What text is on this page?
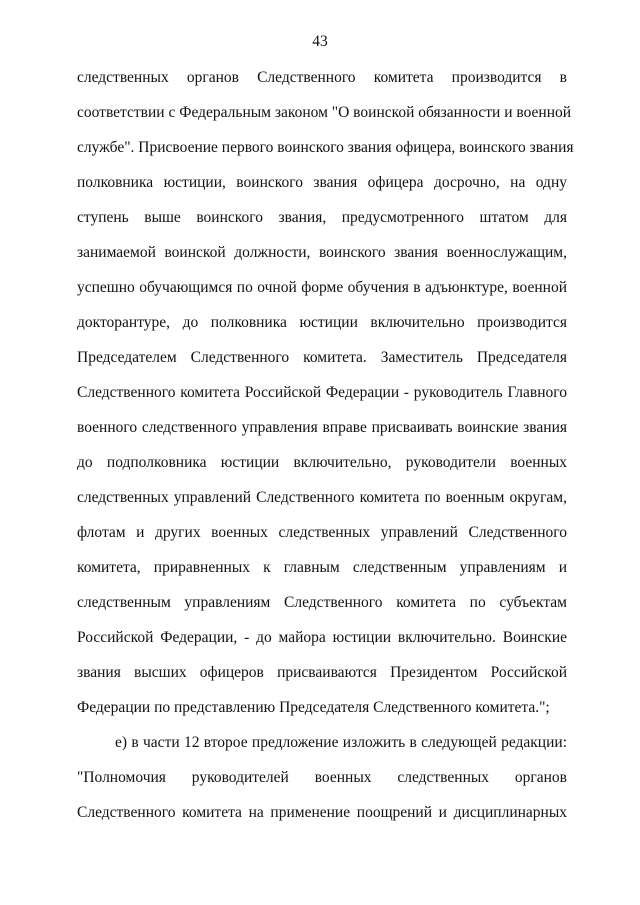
43
следственных органов Следственного комитета производится в
соответствии с Федеральным законом "О воинской обязанности и военной
службе". Присвоение первого воинского звания офицера, воинского звания
полковника юстиции, воинского звания офицера досрочно, на одну
ступень выше воинского звания, предусмотренного штатом для
занимаемой воинской должности, воинского звания военнослужащим,
успешно обучающимся по очной форме обучения в адъюнктуре, военной
докторантуре, до полковника юстиции включительно производится
Председателем Следственного комитета. Заместитель Председателя
Следственного комитета Российской Федерации - руководитель Главного
военного следственного управления вправе присваивать воинские звания
до подполковника юстиции включительно, руководители военных
следственных управлений Следственного комитета по военным округам,
флотам и других военных следственных управлений Следственного
комитета, приравненных к главным следственным управлениям и
следственным управлениям Следственного комитета по субъектам
Российской Федерации, - до майора юстиции включительно. Воинские
звания высших офицеров присваиваются Президентом Российской
Федерации по представлению Председателя Следственного комитета.";
е) в части 12 второе предложение изложить в следующей редакции:
"Полномочия руководителей военных следственных органов
Следственного комитета на применение поощрений и дисциплинарных
